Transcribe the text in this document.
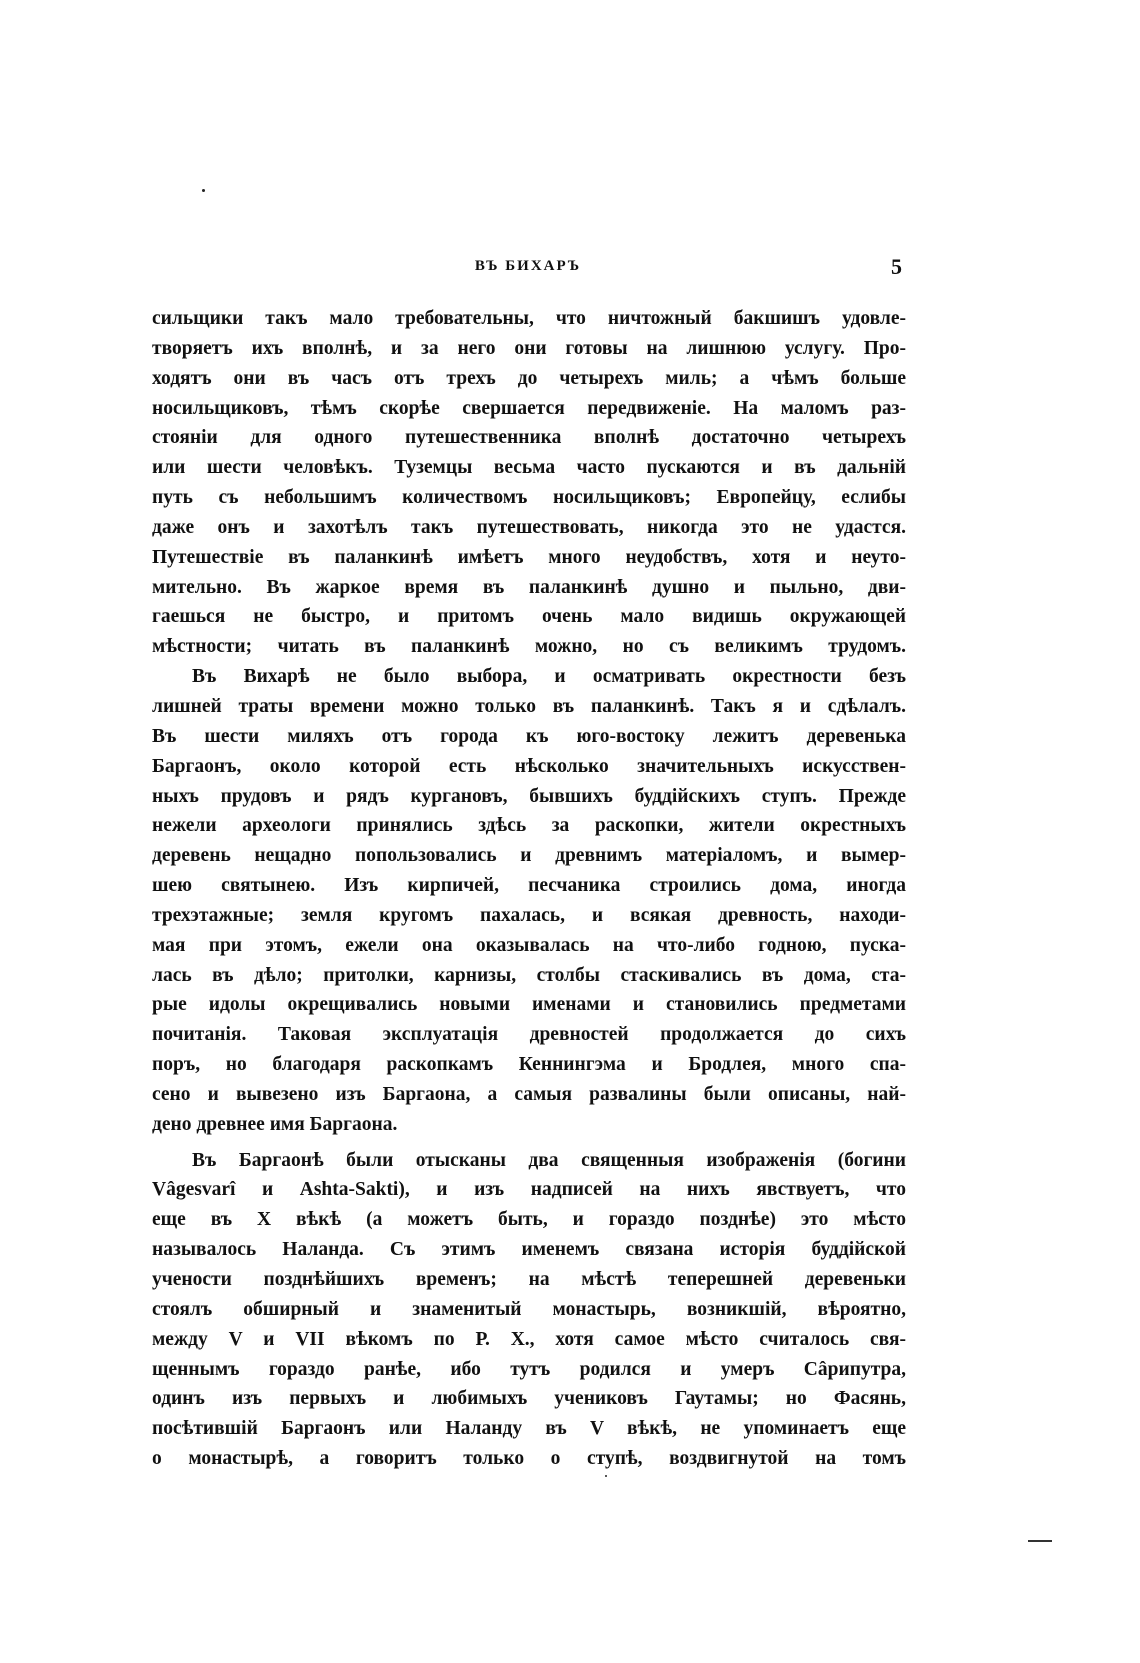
ВЪ БИХАРЪ	5
сильщики такъ мало требовательны, что ничтожный бакшишъ удовле-
творяетъ ихъ вполнѣ, и за него они готовы на лишнюю услугу. Про-
ходятъ они въ часъ отъ трехъ до четырехъ миль; а чѣмъ больше
носильщиковъ, тѣмъ скорѣе свершается передвиженіе. На маломъ раз-
стояніи для одного путешественника вполнѣ достаточно четырехъ
или шести человѣкъ. Туземцы весьма часто пускаются и въ дальній
путь съ небольшимъ количествомъ носильщиковъ; Европейцу, еслибы
даже онъ и захотѣлъ такъ путешествовать, никогда это не удастся.
Путешествіе въ паланкинѣ имѣетъ много неудобствъ, хотя и неуто-
мительно. Въ жаркое время въ паланкинѣ душно и пыльно, дви-
гаешься не быстро, и притомъ очень мало видишь окружающей
мѣстности; читать въ паланкинѣ можно, но съ великимъ трудомъ.
Въ Вихарѣ не было выбора, и осматривать окрестности безъ
лишней траты времени можно только въ паланкинѣ. Такъ я и сдѣлалъ.
Въ шести миляхъ отъ города къ юго-востоку лежитъ деревенька
Баргаонъ, около которой есть нѣсколько значительныхъ искусствен-
ныхъ прудовъ и рядъ кургановъ, бывшихъ буддійскихъ ступъ. Прежде
нежели археологи принялись здѣсь за раскопки, жители окрестныхъ
деревень нещадно попользовались и древнимъ матеріаломъ, и вымер-
шею святынею. Изъ кирпичей, песчаника строились дома, иногда
трехэтажные; земля кругомъ пахалась, и всякая древность, находи-
мая при этомъ, ежели она оказывалась на что-либо годною, пуска-
лась въ дѣло; притолки, карнизы, столбы стаскивались въ дома, ста-
рые идолы окрещивались новыми именами и становились предметами
почитанія. Таковая эксплуатація древностей продолжается до сихъ
поръ, но благодаря раскопкамъ Кеннингэма и Бродлея, много спа-
сено и вывезено изъ Баргаона, а самыя развалины были описаны, най-
дено древнее имя Баргаона.
Въ Баргаонѣ были отысканы два священныя изображенія (богини
Vâgesvarî и Ashta-Sakti), и изъ надписей на нихъ явствуетъ, что
еще въ X вѣкѣ (а можетъ быть, и гораздо позднѣе) это мѣсто
называлось Наланда. Съ этимъ именемъ связана исторія буддійской
учености позднѣйшихъ временъ; на мѣстѣ теперешней деревеньки
стоялъ обширный и знаменитый монастырь, возникшій, вѣроятно,
между V и VII вѣкомъ по Р. Х., хотя самое мѣсто считалось свя-
щеннымъ гораздо ранѣе, ибо тутъ родился и умеръ Сâрипутра,
одинъ изъ первыхъ и любимыхъ учениковъ Гаутамы; но Фасянь,
посѣтившій Баргаонъ или Наланду въ V вѣкѣ, не упоминаетъ еще
о монастырѣ, а говоритъ только о ступѣ, воздвигнутой на томъ
